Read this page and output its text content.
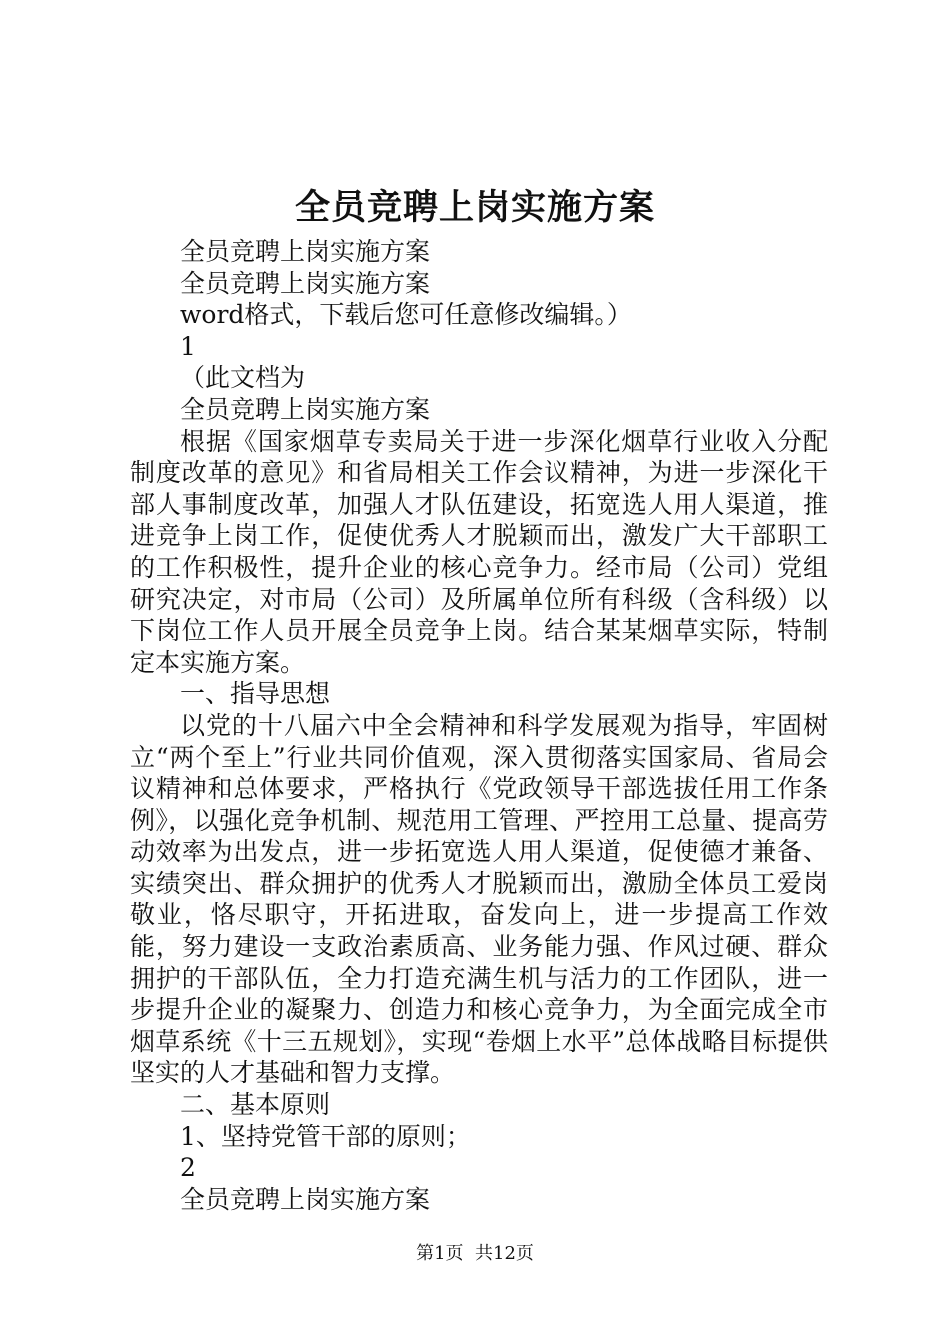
全员竞聘上岗实施方案

全员竞聘上岗实施方案

全员竞聘上岗实施方案

word格式，下载后您可任意修改编辑。）

1

（此文档为

全员竞聘上岗实施方案

根据《国家烟草专卖局关于进一步深化烟草行业收入分配制度改革的意见》和省局相关工作会议精神，为进一步深化干部人事制度改革，加强人才队伍建设，拓宽选人用人渠道，推进竞争上岗工作，促使优秀人才脱颖而出，激发广大干部职工的工作积极性，提升企业的核心竞争力。经市局（公司）党组研究决定，对市局（公司）及所属单位所有科级（含科级）以下岗位工作人员开展全员竞争上岗。结合某某烟草实际，特制定本实施方案。

一、指导思想

以党的十八届六中全会精神和科学发展观为指导，牢固树立“两个至上”行业共同价值观，深入贯彻落实国家局、省局会议精神和总体要求，严格执行《党政领导干部选拔任用工作条例》，以强化竞争机制、规范用工管理、严控用工总量、提高劳动效率为出发点，进一步拓宽选人用人渠道，促使德才兼备、实绩突出、群众拥护的优秀人才脱颖而出，激励全体员工爱岗敬业，恪尽职守，开拓进取，奋发向上，进一步提高工作效能，努力建设一支政治素质高、业务能力强、作风过硬、群众拥护的干部队伍，全力打造充满生机与活力的工作团队，进一步提升企业的凝聚力、创造力和核心竞争力，为全面完成全市烟草系统《十三五规划》，实现“卷烟上水平”总体战略目标提供坚实的人才基础和智力支撑。

二、基本原则

1、坚持党管干部的原则；

2

全员竞聘上岗实施方案

第1页 共12页
